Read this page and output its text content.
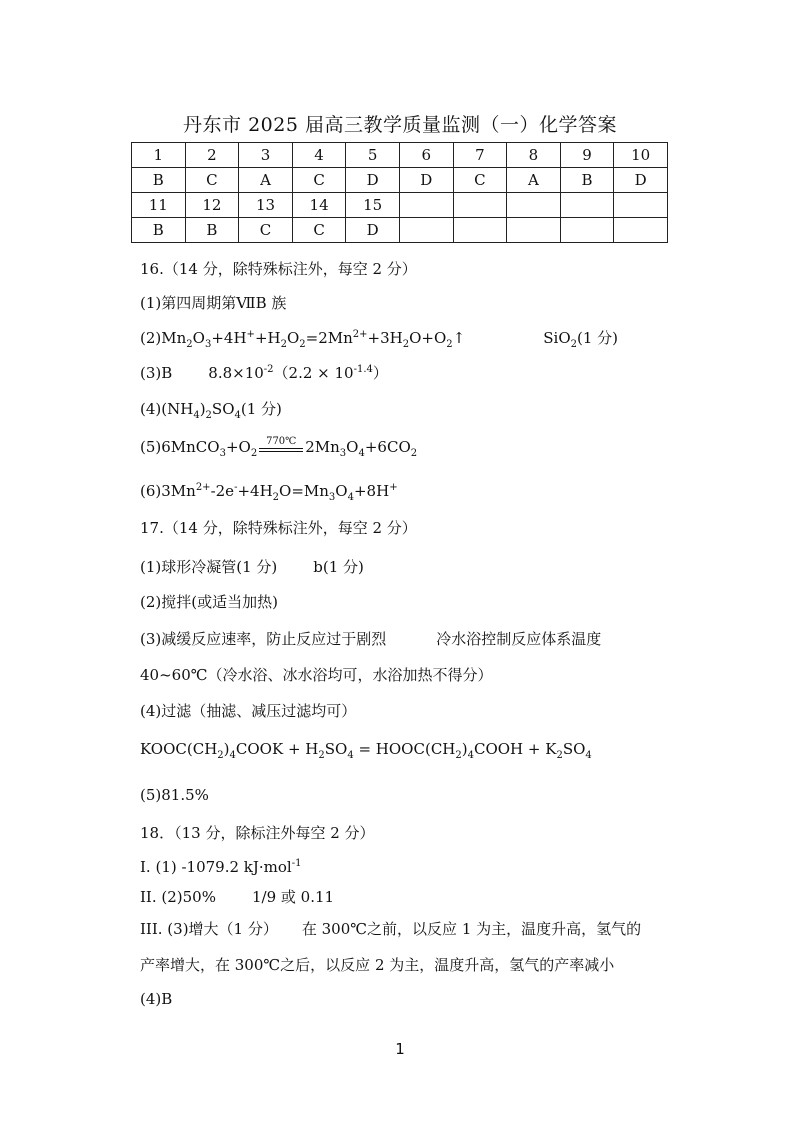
丹东市 2025 届高三教学质量监测（一）化学答案
1	2	3	4	5	6	7	8	9	10
B	C	A	C	D	D	C	A	B	D
11	12	13	14	15					
B	B	C	C	D					
16.（14 分，除特殊标注外，每空 2 分）
(1)第四周期第ⅦB 族
$(2)Mn_2O_3+4H^++H_2O_2=2Mn^{2+}+3H_2O+O_2↑$	SiO$_2$(1 分)
(3)B $8.8\times 10^{-2}(2.2 \times 10^{-1.4})$
$(4)(NH_4)_2SO_4(1$ 分)
$(5)6MnCO_3+O_2$
770℃ $2Mn_3O_4+6CO_2$
$(6)3Mn^{2+}-2e^-+4H_2O=Mn_3O_4+8H^+$
17.（14 分，除特殊标注外，每空 2 分）
(1)球形冷凝管(1 分) b(1 分)
(2)搅拌(或适当加热)
(3)减缓反应速率，防止反应过于剧烈	冷水浴控制反应体系温度
40~60℃（冷水浴、冰水浴均可，水浴加热不得分）
(4)过滤（抽滤、减压过滤均可）
$KOOC(CH_2)_4COOK + H_2SO_4$ = $HOOC(CH_2)_4COOH + K_2SO_4$
(5)81.5%
18．（13 分，除标注外每空 2 分）
I. (1) -1079.2 kJ·mol$^{-1}$
II. (2)50% 1/9 或 0.11
III. (3)增大（1 分） 在 300℃之前，以反应 1 为主，温度升高，氢气的
产率增大，在 300℃之后，以反应 2 为主，温度升高，氢气的产率减小
(4)B
1
